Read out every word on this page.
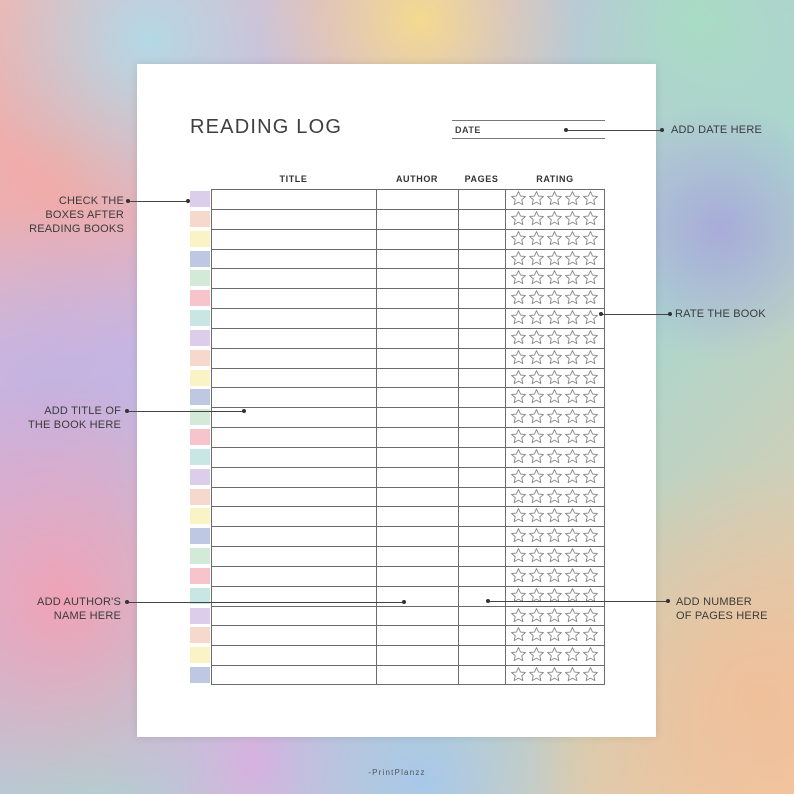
READING LOG	DATE
TITLE	AUTHOR	PAGES	RATING
ADD DATE HERE
CHECK THE
BOXES AFTER
READING BOOKS
RATE THE BOOK
ADD TITLE OF
THE BOOK HERE
ADD AUTHOR'S
NAME HERE
ADD NUMBER
OF PAGES HERE
-PrintPlanzz
